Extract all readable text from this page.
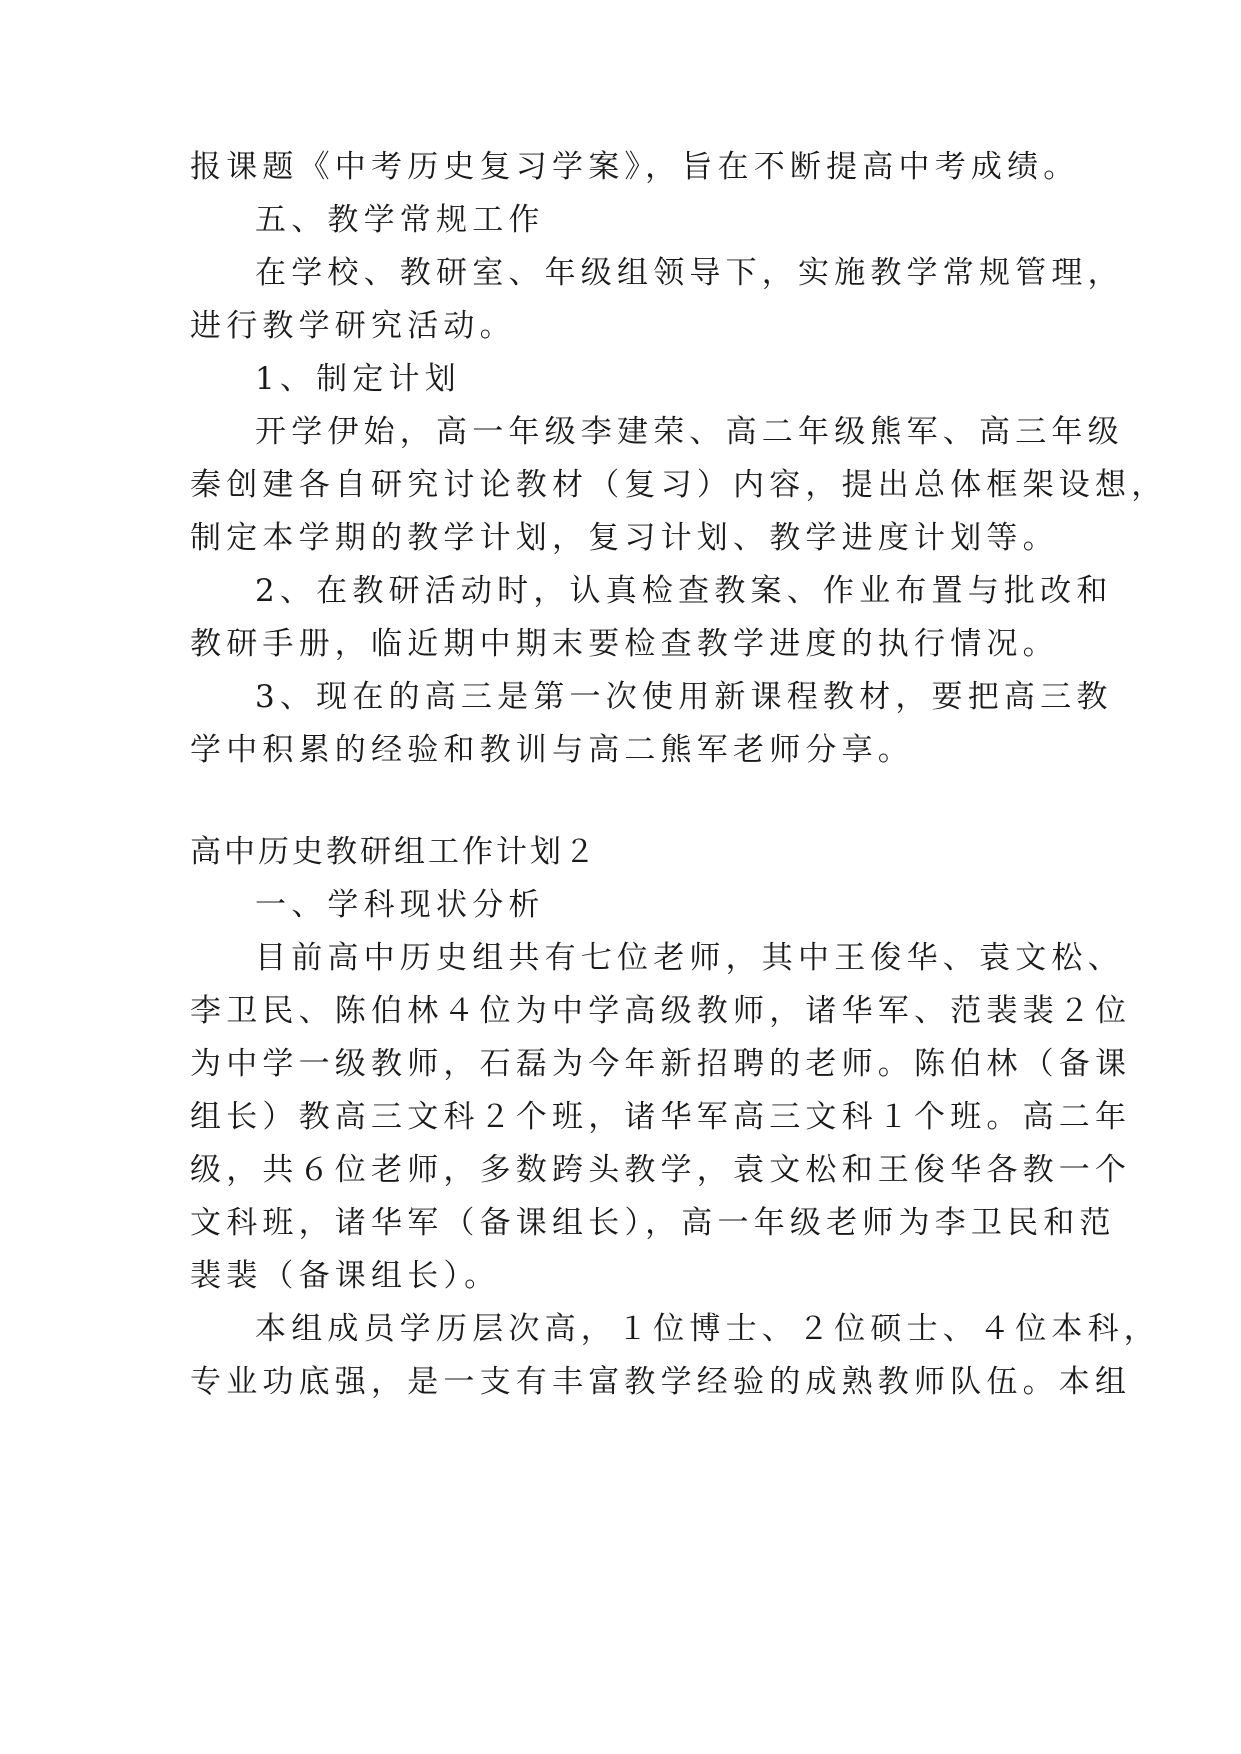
报课题《中考历史复习学案》，旨在不断提高中考成绩。
五、教学常规工作
在学校、教研室、年级组领导下，实施教学常规管理，
进行教学研究活动。
1、制定计划
开学伊始，高一年级李建荣、高二年级熊军、高三年级
秦创建各自研究讨论教材（复习）内容，提出总体框架设想，
制定本学期的教学计划，复习计划、教学进度计划等。
2、在教研活动时，认真检查教案、作业布置与批改和
教研手册，临近期中期末要检查教学进度的执行情况。
3、现在的高三是第一次使用新课程教材，要把高三教
学中积累的经验和教训与高二熊军老师分享。
高中历史教研组工作计划２
一、学科现状分析
目前高中历史组共有七位老师，其中王俊华、袁文松、
李卫民、陈伯林４位为中学高级教师，诸华军、范裴裴２位
为中学一级教师，石磊为今年新招聘的老师。陈伯林（备课
组长）教高三文科２个班，诸华军高三文科１个班。高二年
级，共６位老师，多数跨头教学，袁文松和王俊华各教一个
文科班，诸华军（备课组长），高一年级老师为李卫民和范
裴裴（备课组长）。
本组成员学历层次高，１位博士、２位硕士、４位本科，
专业功底强，是一支有丰富教学经验的成熟教师队伍。本组
